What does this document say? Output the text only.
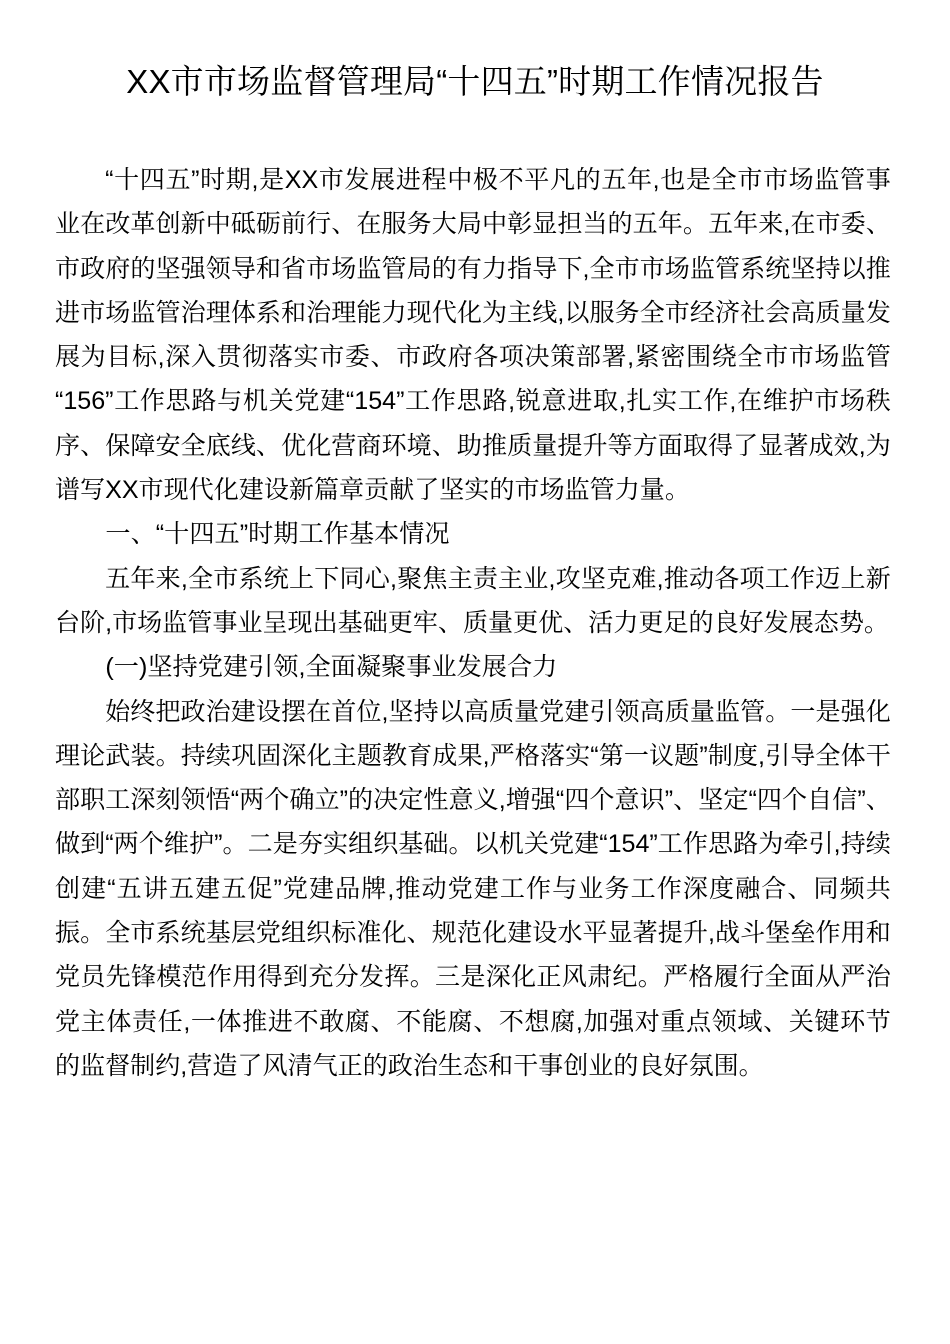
XX市市场监督管理局“十四五”时期工作情况报告

“十四五”时期,是XX市发展进程中极不平凡的五年,也是全市市场监管事业在改革创新中砥砺前行、在服务大局中彰显担当的五年。五年来,在市委、市政府的坚强领导和省市场监管局的有力指导下,全市市场监管系统坚持以推进市场监管治理体系和治理能力现代化为主线,以服务全市经济社会高质量发展为目标,深入贯彻落实市委、市政府各项决策部署,紧密围绕全市市场监管“156”工作思路与机关党建“154”工作思路,锐意进取,扎实工作,在维护市场秩序、保障安全底线、优化营商环境、助推质量提升等方面取得了显著成效,为谱写XX市现代化建设新篇章贡献了坚实的市场监管力量。

一、“十四五”时期工作基本情况

五年来,全市系统上下同心,聚焦主责主业,攻坚克难,推动各项工作迈上新台阶,市场监管事业呈现出基础更牢、质量更优、活力更足的良好发展态势。

(一)坚持党建引领,全面凝聚事业发展合力

始终把政治建设摆在首位,坚持以高质量党建引领高质量监管。一是强化理论武装。持续巩固深化主题教育成果,严格落实“第一议题”制度,引导全体干部职工深刻领悟“两个确立”的决定性意义,增强“四个意识”、坚定“四个自信”、做到“两个维护”。二是夯实组织基础。以机关党建“154”工作思路为牵引,持续创建“五讲五建五促”党建品牌,推动党建工作与业务工作深度融合、同频共振。全市系统基层党组织标准化、规范化建设水平显著提升,战斗堡垒作用和党员先锋模范作用得到充分发挥。三是深化正风肃纪。严格履行全面从严治党主体责任,一体推进不敢腐、不能腐、不想腐,加强对重点领域、关键环节的监督制约,营造了风清气正的政治生态和干事创业的良好氛围。
